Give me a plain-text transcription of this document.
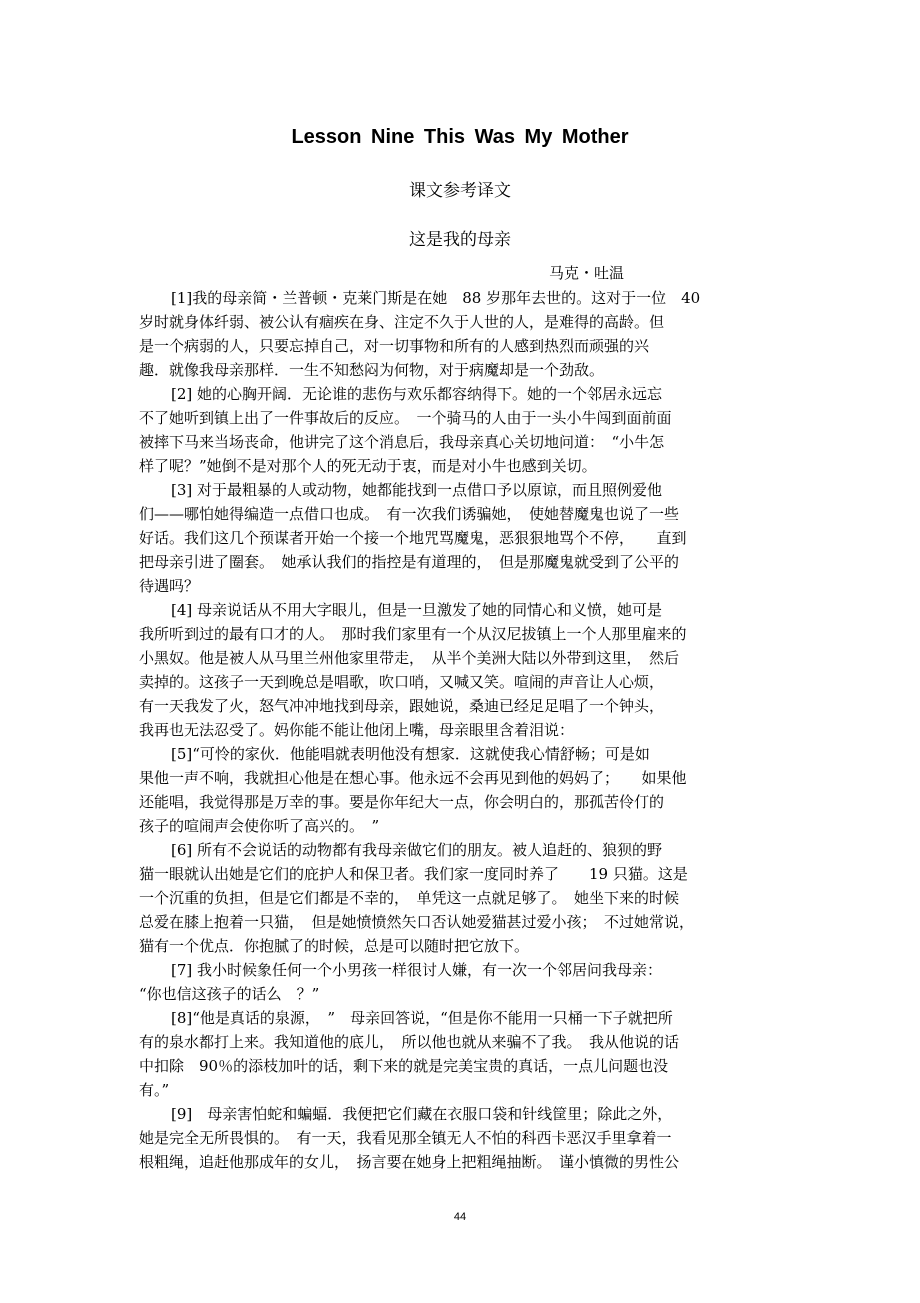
Lesson Nine This Was My Mother
课文参考译文
这是我的母亲
马克・吐温
[1]我的母亲简・兰普顿・克莱门斯是在她　88 岁那年去世的。这对于一位　40
岁时就身体纤弱、被公认有痼疾在身、注定不久于人世的人，是难得的高龄。但
是一个病弱的人，只要忘掉自己，对一切事物和所有的人感到热烈而顽强的兴
趣．就像我母亲那样．一生不知愁闷为何物，对于病魔却是一个劲敌。
[2] 她的心胸开阔．无论谁的悲伤与欢乐都容纳得下。她的一个邻居永远忘
不了她听到镇上出了一件事故后的反应。　一个骑马的人由于一头小牛闯到面前面
被摔下马来当场丧命，他讲完了这个消息后，我母亲真心关切地问道：　“小牛怎
样了呢？”她倒不是对那个人的死无动于衷，而是对小牛也感到关切。
[3] 对于最粗暴的人或动物，她都能找到一点借口予以原谅，而且照例爱他
们——哪怕她得编造一点借口也成。　有一次我们诱骗她，　使她替魔鬼也说了一些
好话。我们这几个预谋者开始一个接一个地咒骂魔鬼，恶狠狠地骂个不停，　　直到
把母亲引进了圈套。　她承认我们的指控是有道理的，　但是那魔鬼就受到了公平的
待遇吗？
[4] 母亲说话从不用大字眼儿，但是一旦激发了她的同情心和义愤，她可是
我所听到过的最有口才的人。　那时我们家里有一个从汉尼拔镇上一个人那里雇来的
小黑奴。他是被人从马里兰州他家里带走，　从半个美洲大陆以外带到这里，　然后
卖掉的。这孩子一天到晚总是唱歌，吹口哨，又喊又笑。喧闹的声音让人心烦，
有一天我发了火，怒气冲冲地找到母亲，跟她说，桑迪已经足足唱了一个钟头，
我再也无法忍受了。妈你能不能让他闭上嘴，母亲眼里含着泪说：
[5]“可怜的家伙．他能唱就表明他没有想家．这就使我心情舒畅；可是如
果他一声不响，我就担心他是在想心事。他永远不会再见到他的妈妈了；　　如果他
还能唱，我觉得那是万幸的事。要是你年纪大一点，你会明白的，那孤苦伶仃的
孩子的喧闹声会使你听了高兴的。　”
[6] 所有不会说话的动物都有我母亲做它们的朋友。被人追赶的、狼狈的野
猫一眼就认出她是它们的庇护人和保卫者。我们家一度同时养了　　19 只猫。这是
一个沉重的负担，但是它们都是不幸的，　单凭这一点就足够了。　她坐下来的时候
总爱在膝上抱着一只猫，　但是她愤愤然矢口否认她爱猫甚过爱小孩；　不过她常说，
猫有一个优点．你抱腻了的时候，总是可以随时把它放下。
[7] 我小时候象任何一个小男孩一样很讨人嫌，有一次一个邻居问我母亲：
“你也信这孩子的话么　？”
[8]“他是真话的泉源，　”　母亲回答说，“但是你不能用一只桶一下子就把所
有的泉水都打上来。我知道他的底儿，　所以他也就从来骗不了我。　我从他说的话
中扣除　90％的添枝加叶的话，剩下来的就是完美宝贵的真话，一点儿问题也没
有。”
[9]　母亲害怕蛇和蝙蝠．我便把它们藏在衣服口袋和针线筐里；除此之外，
她是完全无所畏惧的。　有一天，我看见那全镇无人不怕的科西卡恶汉手里拿着一
根粗绳，追赶他那成年的女儿，　扬言要在她身上把粗绳抽断。　谨小慎微的男性公
44
